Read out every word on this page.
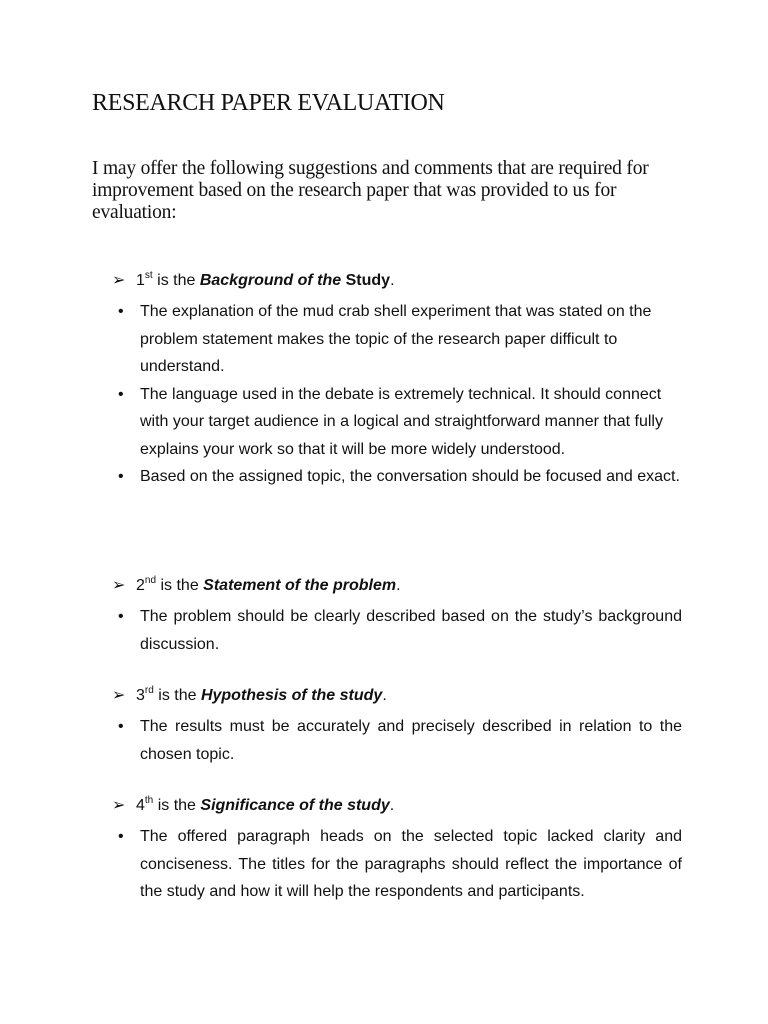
RESEARCH PAPER EVALUATION

I may offer the following suggestions and comments that are required for improvement based on the research paper that was provided to us for evaluation:

➢ 1st is the Background of the Study.

• The explanation of the mud crab shell experiment that was stated on the problem statement makes the topic of the research paper difficult to understand.
• The language used in the debate is extremely technical. It should connect with your target audience in a logical and straightforward manner that fully explains your work so that it will be more widely understood.
• Based on the assigned topic, the conversation should be focused and exact.

➢ 2nd is the Statement of the problem.

• The problem should be clearly described based on the study’s background discussion.

➢ 3rd is the Hypothesis of the study.

• The results must be accurately and precisely described in relation to the chosen topic.

➢ 4th is the Significance of the study.

• The offered paragraph heads on the selected topic lacked clarity and conciseness. The titles for the paragraphs should reflect the importance of the study and how it will help the respondents and participants.
